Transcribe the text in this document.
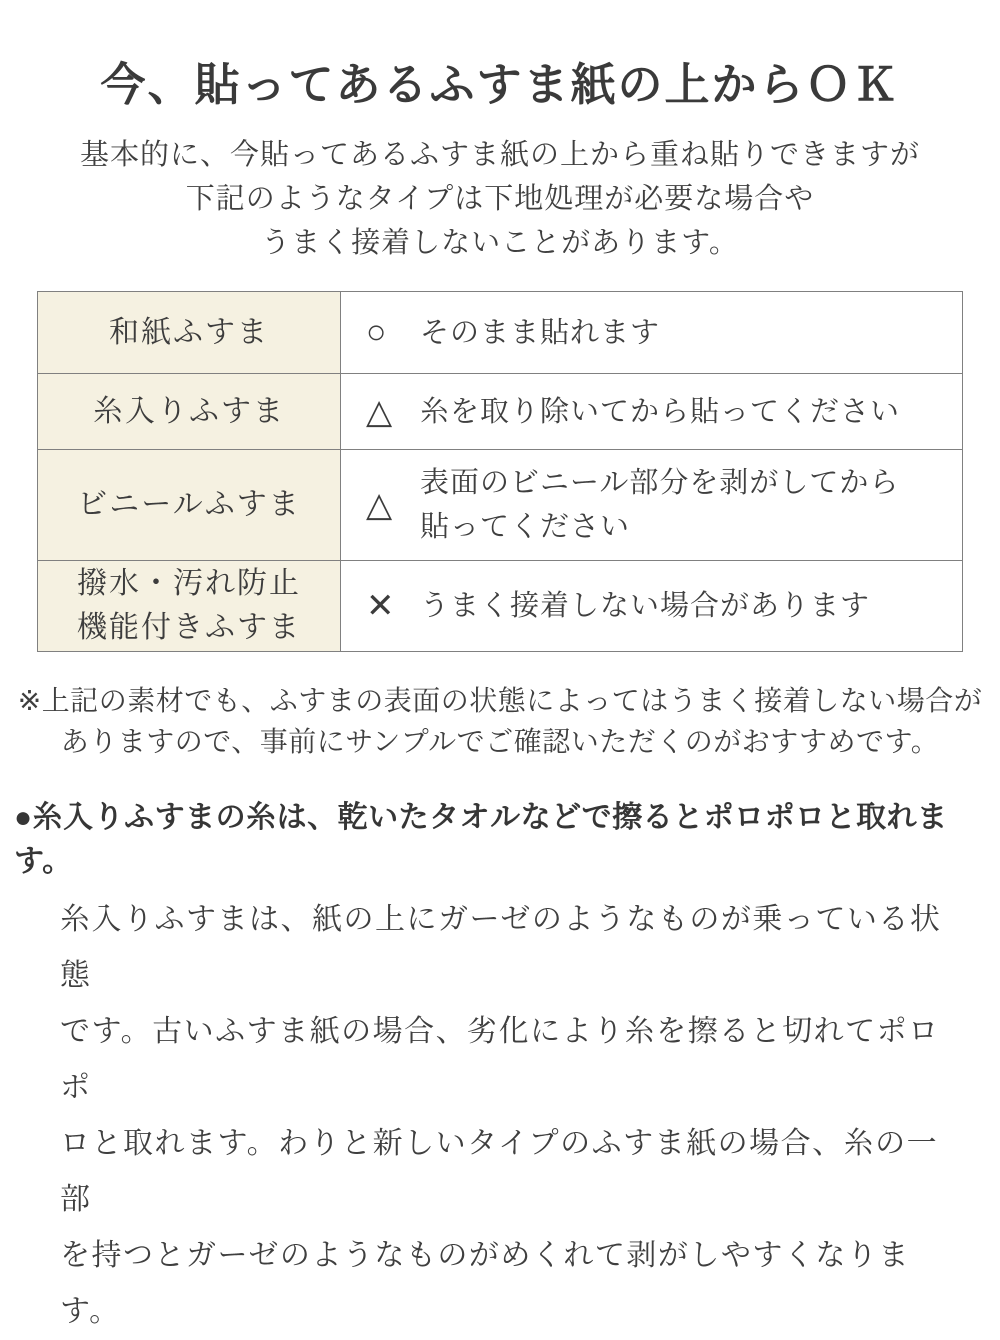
今、貼ってあるふすま紙の上からＯＫ
基本的に、今貼ってあるふすま紙の上から重ね貼りできますが
下記のようなタイプは下地処理が必要な場合や
うまく接着しないことがあります。
和紙ふすま	○ そのまま貼れます

糸入りふすま	△ 糸を取り除いてから貼ってください

ビニールふすま	△
表面のビニール部分を剥がしてから
貼ってください

撥水・汚れ防止
機能付きふすま	✕ うまく接着しない場合があります
※上記の素材でも、ふすまの表面の状態によってはうまく接着しない場合が
ありますので、事前にサンプルでご確認いただくのがおすすめです。
●糸入りふすまの糸は、乾いたタオルなどで擦るとポロポロと取れます。
糸入りふすまは、紙の上にガーゼのようなものが乗っている状態
です。古いふすま紙の場合、劣化により糸を擦ると切れてポロポ
ロと取れます。わりと新しいタイプのふすま紙の場合、糸の一部
を持つとガーゼのようなものがめくれて剥がしやすくなります。
